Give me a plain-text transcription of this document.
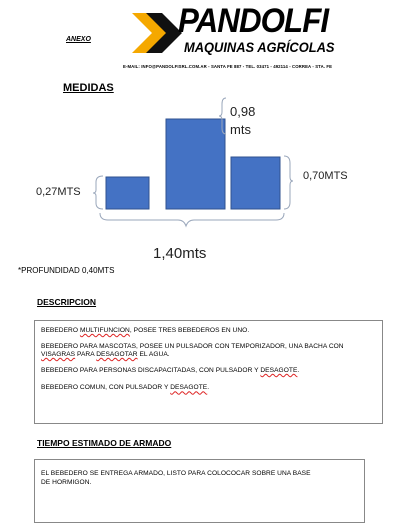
ANEXO	PANDOLFI
MAQUINAS AGRÍCOLAS
E-MAIL: INFO@PANDOLFISRL.COM.AR - SANTA FE 887 - TEL. 03471 - 492114 - CORREA - STA. FE
MEDIDAS
0,27MTS
0,98
mts
0,70MTS
1,40mts
*PROFUNDIDAD 0,40MTS
DESCRIPCION

BEBEDERO MULTIFUNCION, POSEE TRES BEBEDEROS EN UNO.

BEBEDERO PARA MASCOTAS, POSEE UN PULSADOR CON TEMPORIZADOR, UNA BACHA CON VISAGRAS PARA DESAGOTAR EL AGUA.

BEBEDERO PARA PERSONAS DISCAPACITADAS, CON PULSADOR Y DESAGOTE.

BEBEDERO COMUN, CON PULSADOR Y DESAGOTE.

TIEMPO ESTIMADO DE ARMADO

EL BEBEDERO SE ENTREGA ARMADO, LISTO PARA COLOCOCAR SOBRE UNA BASE DE HORMIGON.
